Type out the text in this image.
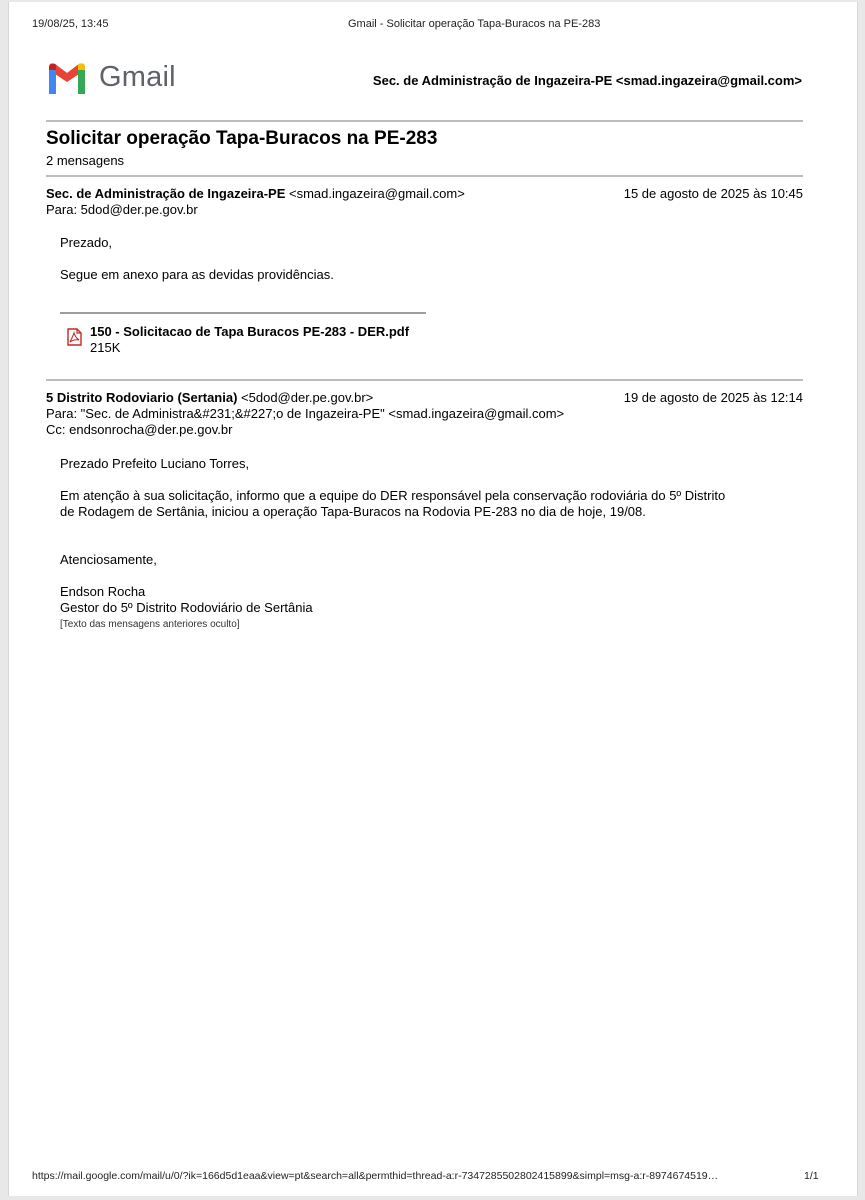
19/08/25, 13:45	Gmail - Solicitar operação Tapa-Buracos na PE-283
Gmail	Sec. de Administração de Ingazeira-PE <smad.ingazeira@gmail.com>
Solicitar operação Tapa-Buracos na PE-283
2 mensagens
Sec. de Administração de Ingazeira-PE <smad.ingazeira@gmail.com>	15 de agosto de 2025 às 10:45
Para: 5dod@der.pe.gov.br
Prezado,
Segue em anexo para as devidas providências.
150 - Solicitacao de Tapa Buracos PE-283 - DER.pdf
215K
5 Distrito Rodoviario (Sertania) <5dod@der.pe.gov.br>	19 de agosto de 2025 às 12:14
Para: "Sec. de Administra&#231;&#227;o de Ingazeira-PE" <smad.ingazeira@gmail.com>
Cc: endsonrocha@der.pe.gov.br
Prezado Prefeito Luciano Torres,
Em atenção à sua solicitação, informo que a equipe do DER responsável pela conservação rodoviária do 5º Distrito
de Rodagem de Sertânia, iniciou a operação Tapa-Buracos na Rodovia PE-283 no dia de hoje, 19/08.
Atenciosamente,
Endson Rocha
Gestor do 5º Distrito Rodoviário de Sertânia
[Texto das mensagens anteriores oculto]
https://mail.google.com/mail/u/0/?ik=166d5d1eaa&view=pt&search=all&permthid=thread-a:r-7347285502802415899&simpl=msg-a:r-8974674519…	1/1
